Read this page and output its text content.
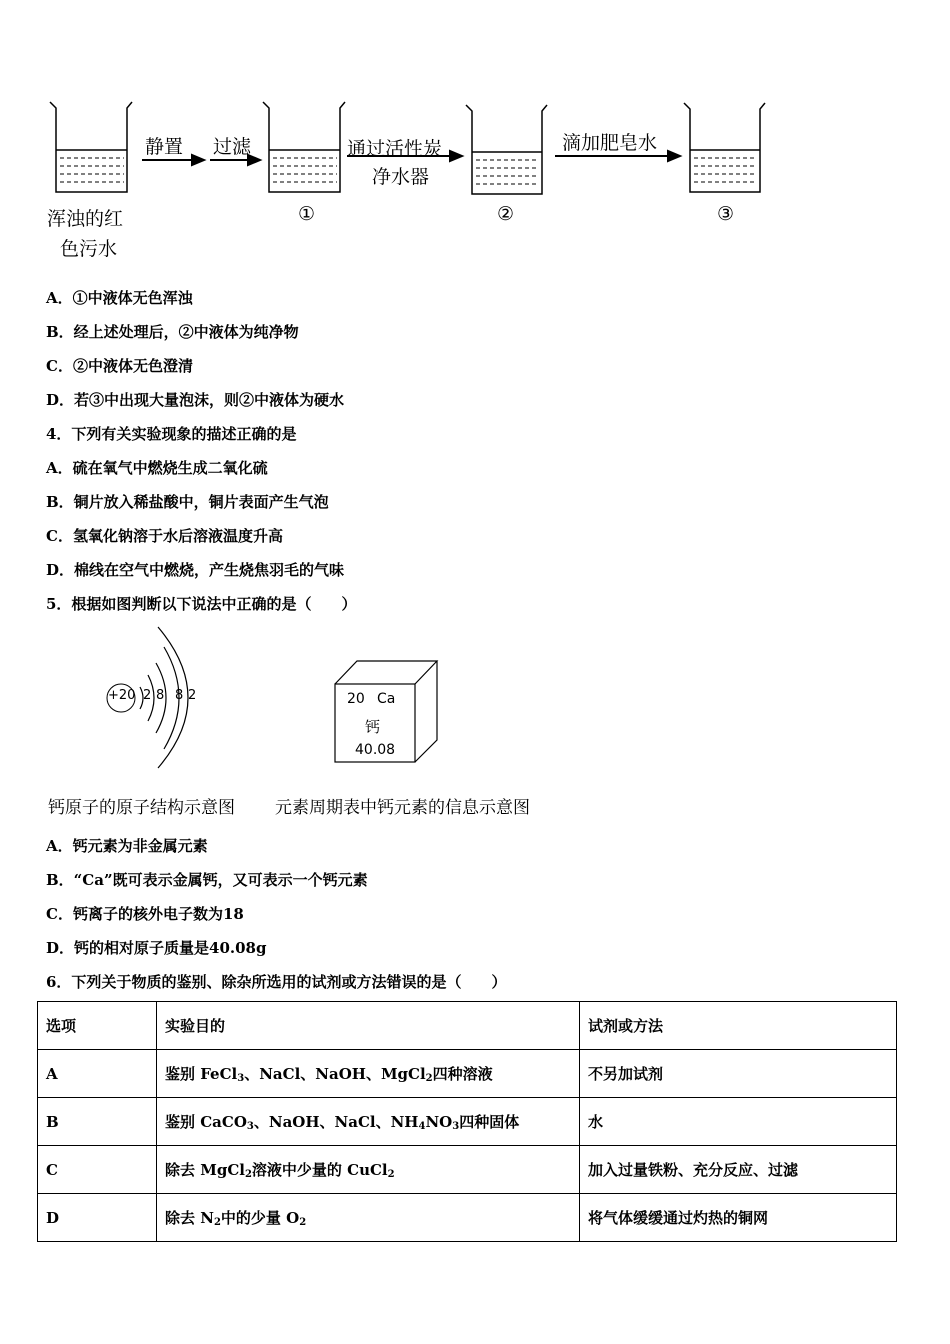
静置 过滤	通过活性炭
净水器
滴加肥皂水
浑浊的红
色污水
①	②	③
A．①中液体无色浑浊
B．经上述处理后，②中液体为纯净物
C．②中液体无色澄清
D．若③中出现大量泡沫，则②中液体为硬水
4．下列有关实验现象的描述正确的是
A．硫在氧气中燃烧生成二氧化硫
B．铜片放入稀盐酸中，铜片表面产生气泡
C．氢氧化钠溶于水后溶液温度升高
D．棉线在空气中燃烧，产生烧焦羽毛的气味
5．根据如图判断以下说法中正确的是（　　）
+20 2 8 8 2	20 Ca
钙
40.08
钙原子的原子结构示意图 元素周期表中钙元素的信息示意图
A．钙元素为非金属元素
B．“Ca”既可表示金属钙，又可表示一个钙元素
C．钙离子的核外电子数为18
D．钙的相对原子质量是40.08g
6．下列关于物质的鉴别、除杂所选用的试剂或方法错误的是（　　）
选项	实验目的	试剂或方法
A	鉴别 FeCl$_3$、NaCl、NaOH、MgCl$_2$四种溶液	不另加试剂
B	鉴别 CaCO$_3$、NaOH、NaCl、$NH_4NO_3$四种固体	水
C	除去 MgCl$_2$溶液中少量的 CuCl$_2$	加入过量铁粉、充分反应、过滤
D	除去 $N_2$中的少量 $O_2$	将气体缓缓通过灼热的铜网
